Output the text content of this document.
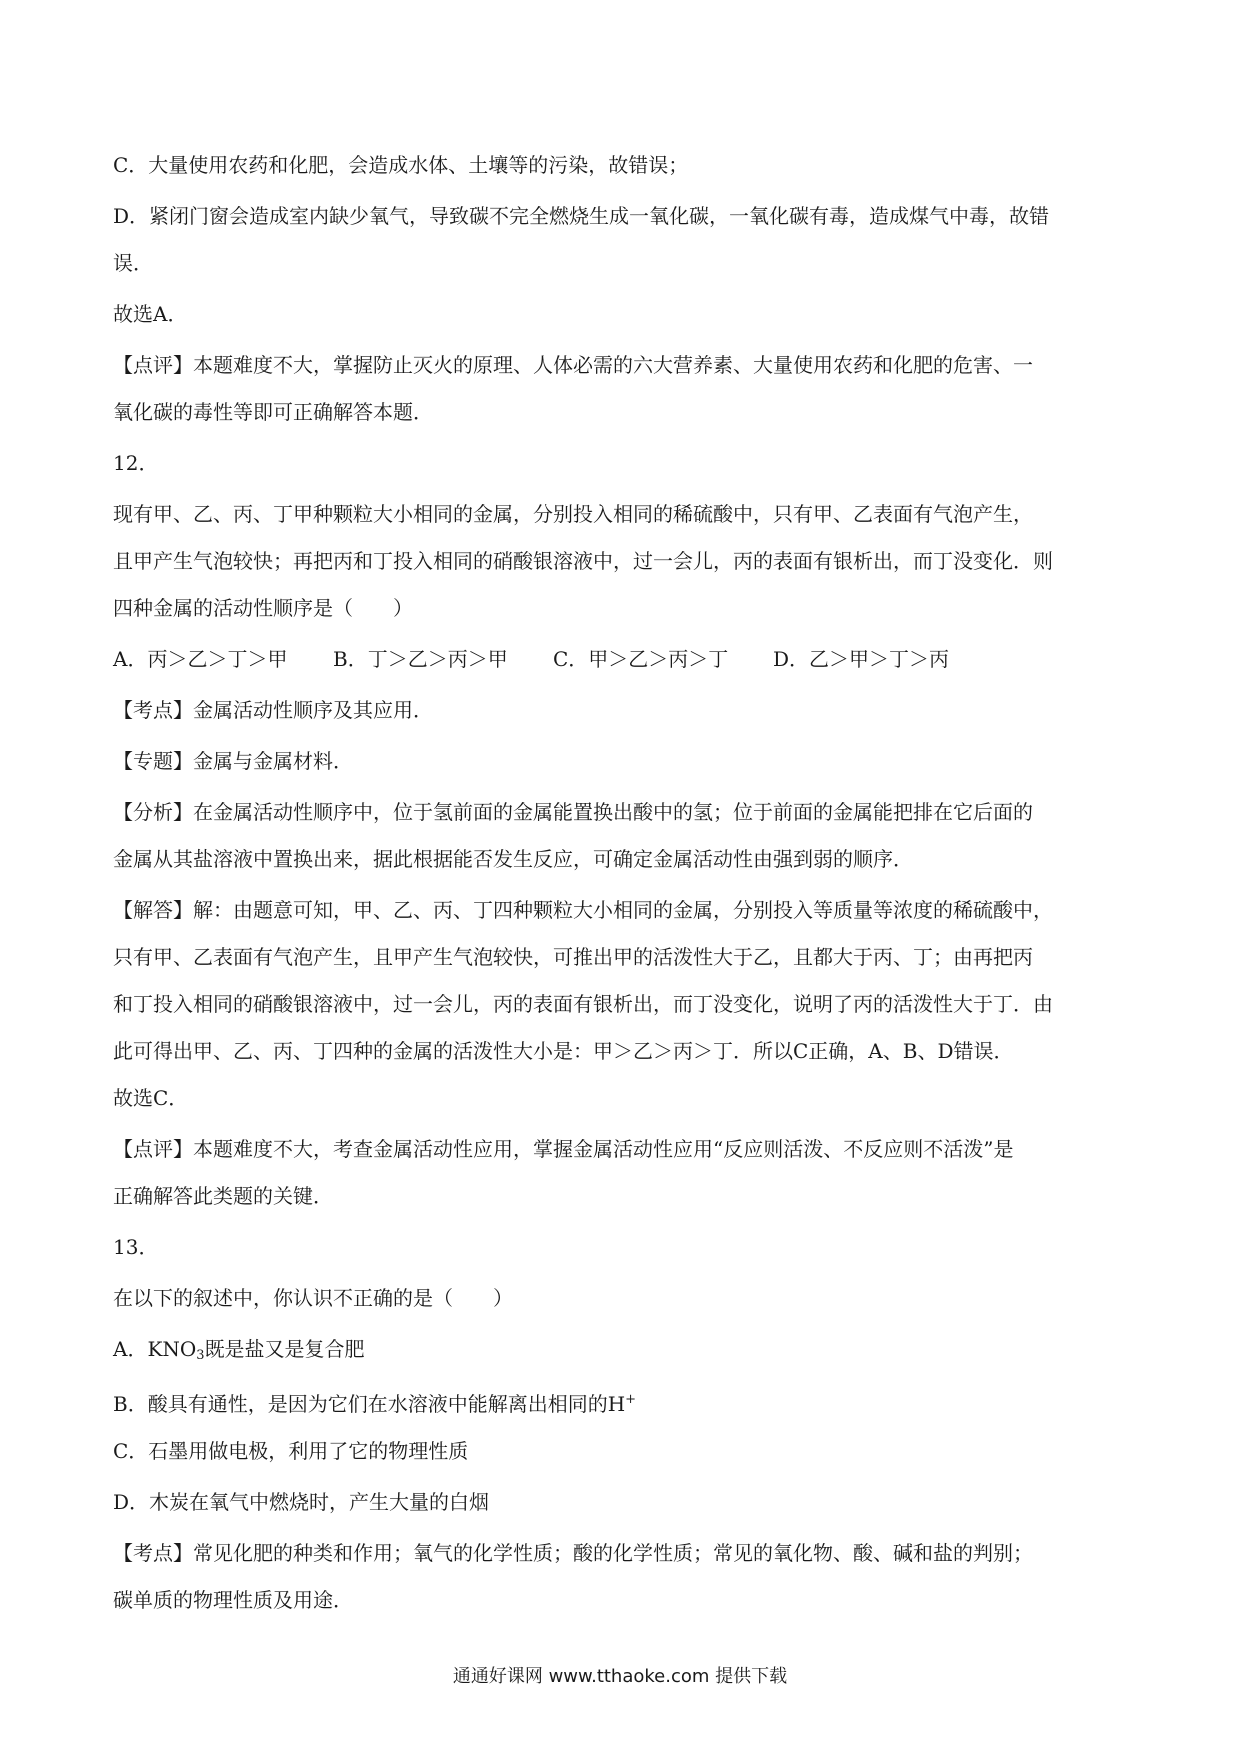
C．大量使用农药和化肥，会造成水体、土壤等的污染，故错误；
D．紧闭门窗会造成室内缺少氧气，导致碳不完全燃烧生成一氧化碳，一氧化碳有毒，造成煤气中毒，故错
误．
故选A．
【点评】本题难度不大，掌握防止灭火的原理、人体必需的六大营养素、大量使用农药和化肥的危害、一
氧化碳的毒性等即可正确解答本题．
12．
现有甲、乙、丙、丁甲种颗粒大小相同的金属，分别投入相同的稀硫酸中，只有甲、乙表面有气泡产生，
且甲产生气泡较快；再把丙和丁投入相同的硝酸银溶液中，过一会儿，丙的表面有银析出，而丁没变化．则
四种金属的活动性顺序是（　　）
A．丙＞乙＞丁＞甲 B．丁＞乙＞丙＞甲 C．甲＞乙＞丙＞丁 D．乙＞甲＞丁＞丙
【考点】金属活动性顺序及其应用．
【专题】金属与金属材料．
【分析】在金属活动性顺序中，位于氢前面的金属能置换出酸中的氢；位于前面的金属能把排在它后面的
金属从其盐溶液中置换出来，据此根据能否发生反应，可确定金属活动性由强到弱的顺序．
【解答】解：由题意可知，甲、乙、丙、丁四种颗粒大小相同的金属，分别投入等质量等浓度的稀硫酸中，
只有甲、乙表面有气泡产生，且甲产生气泡较快，可推出甲的活泼性大于乙，且都大于丙、丁；由再把丙
和丁投入相同的硝酸银溶液中，过一会儿，丙的表面有银析出，而丁没变化，说明了丙的活泼性大于丁．由
此可得出甲、乙、丙、丁四种的金属的活泼性大小是：甲＞乙＞丙＞丁．所以C正确，A、B、D错误．
故选C．
【点评】本题难度不大，考查金属活动性应用，掌握金属活动性应用“反应则活泼、不反应则不活泼”是
正确解答此类题的关键．
13．
在以下的叙述中，你认识不正确的是（　　）
A．$KNO_3$既是盐又是复合肥
B．酸具有通性，是因为它们在水溶液中能解离出相同的H+
C．石墨用做电极，利用了它的物理性质
D．木炭在氧气中燃烧时，产生大量的白烟
【考点】常见化肥的种类和作用；氧气的化学性质；酸的化学性质；常见的氧化物、酸、碱和盐的判别；
碳单质的物理性质及用途．
通通好课网 www.tthaoke.com 提供下载
